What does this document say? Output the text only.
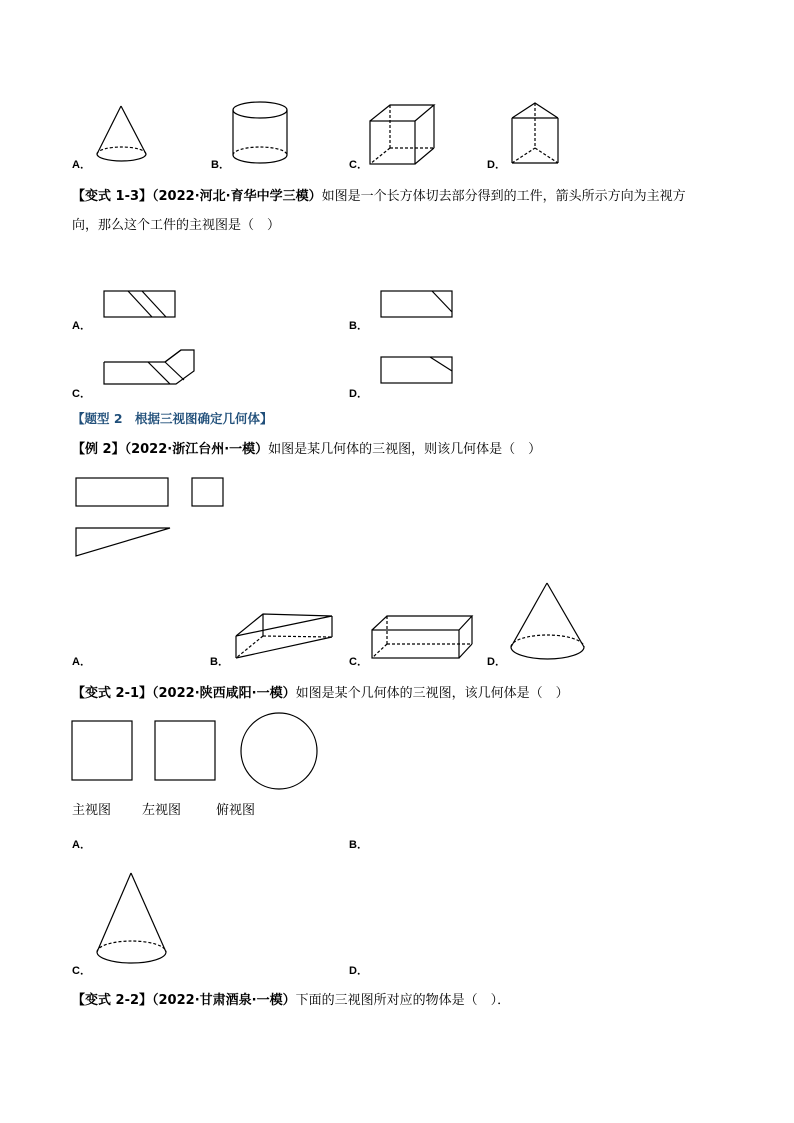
A．	B．	C．	D．
【变式 1-3】（2022·河北·育华中学三模）如图是一个长方体切去部分得到的工件，箭头所示方向为主视方
向，那么这个工件的主视图是（　）
A．	B．
C．	D．
【题型 2　根据三视图确定几何体】
【例 2】（2022·浙江台州·一模）如图是某几何体的三视图，则该几何体是（　）
A．	B．	C．	D．
【变式 2-1】（2022·陕西咸阳·一模）如图是某个几何体的三视图，该几何体是（　）
主视图 左视图	俯视图
A．	B．
C．	D．
【变式 2-2】（2022·甘肃酒泉·一模）下面的三视图所对应的物体是（　）．
